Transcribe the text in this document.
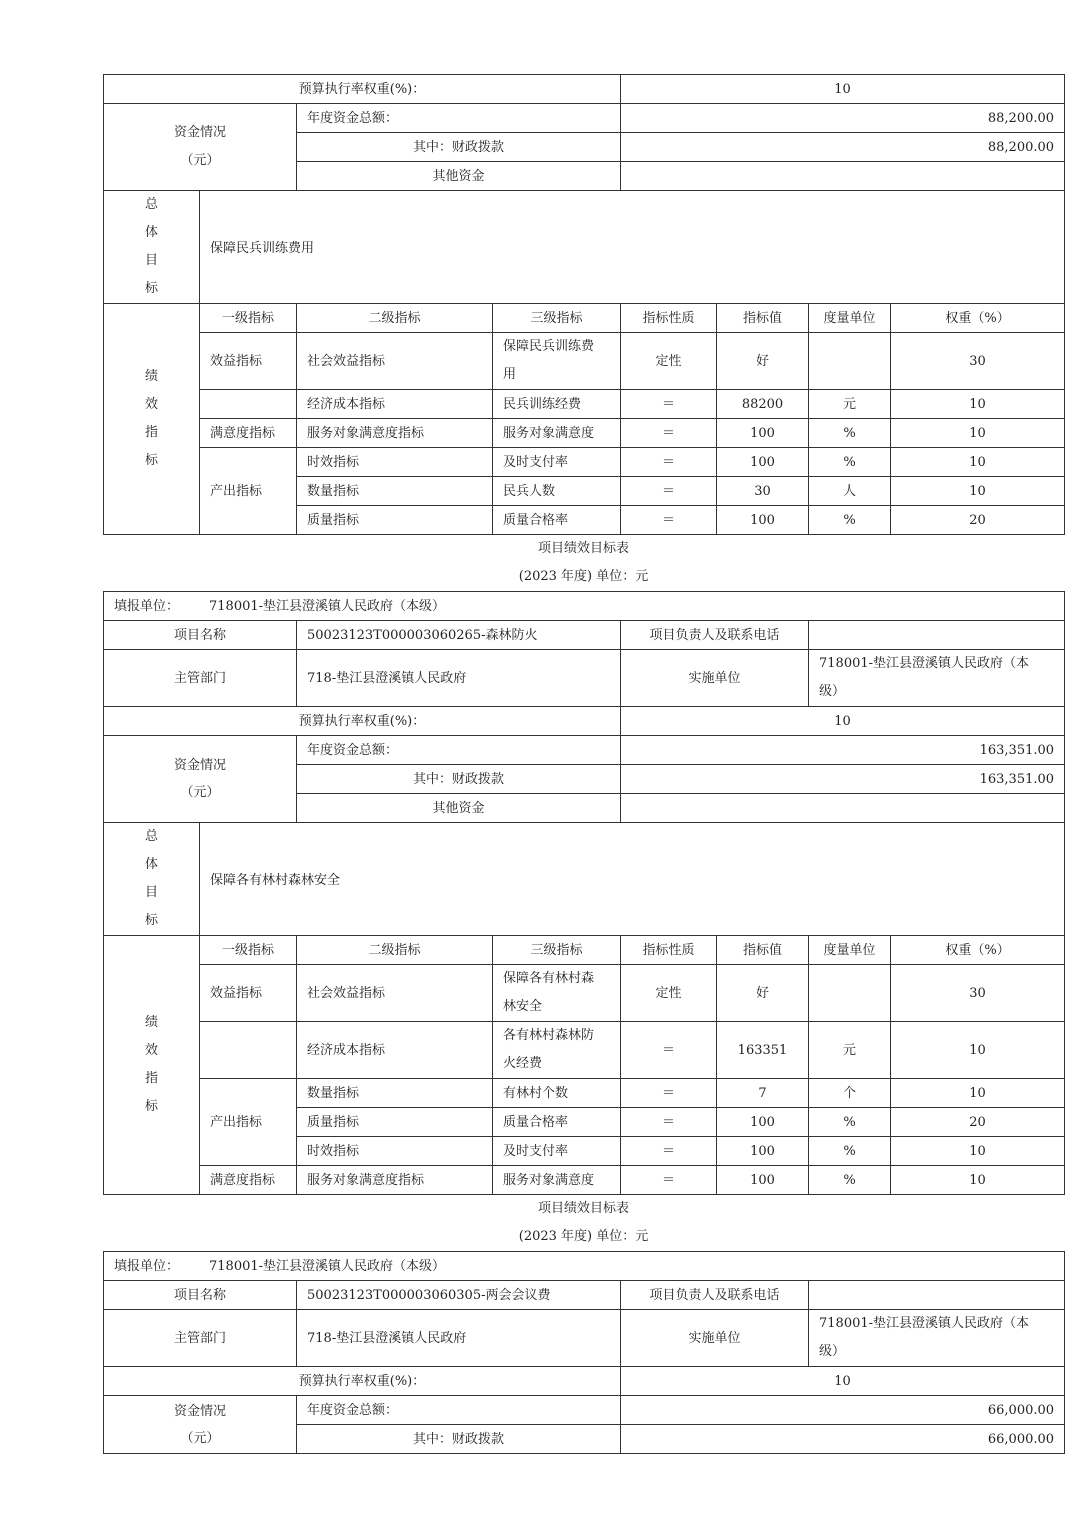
预算执行率权重(%)：				10			

资金情况
（元）		年度资金总额：		88,200.00			
		其中：财政拨款		88,200.00			
		其他资金					

总
体
目
标	保障民兵训练费用						

绩
效
指
标	一级指标	二级指标	三级指标	指标性质	指标值	度量单位	权重（%）
	效益指标	社会效益指标	保障民兵训练费
用	定性	好		30
		经济成本指标	民兵训练经费	＝	88200	元	10
	满意度指标	服务对象满意度指标	服务对象满意度	＝	100	%	10
	产出指标	时效指标	及时支付率	＝	100	%	10
		数量指标	民兵人数	＝	30	人	10
		质量指标	质量合格率	＝	100	%	20
项目绩效目标表
(2023 年度) 单位：元
填报单位： 718001-垫江县澄溪镇人民政府（本级）							
项目名称		50023123T000003060265-森林防火		项目负责人及联系电话			
主管部门		718-垫江县澄溪镇人民政府		实施单位		718001-垫江县澄溪镇人民政府（本
级）	

预算执行率权重(%)：				10			

资金情况
（元）		年度资金总额：		163,351.00			
		其中：财政拨款		163,351.00			
		其他资金					

总
体
目
标	保障各有林村森林安全						

绩
效
指
标	一级指标	二级指标	三级指标	指标性质	指标值	度量单位	权重（%）
	效益指标	社会效益指标	保障各有林村森
林安全	定性	好		30
		经济成本指标	各有林村森林防
火经费	＝	163351	元	10
	产出指标	数量指标	有林村个数	＝	7	个	10
		质量指标	质量合格率	＝	100	%	20
		时效指标	及时支付率	＝	100	%	10
	满意度指标	服务对象满意度指标	服务对象满意度	＝	100	%	10
项目绩效目标表
(2023 年度) 单位：元
填报单位： 718001-垫江县澄溪镇人民政府（本级）			
项目名称	50023123T000003060305-两会会议费	项目负责人及联系电话	
主管部门	718-垫江县澄溪镇人民政府	实施单位	718001-垫江县澄溪镇人民政府（本
级）

预算执行率权重(%)：		10	

资金情况
（元）	年度资金总额：	66,000.00	
	其中：财政拨款	66,000.00	
